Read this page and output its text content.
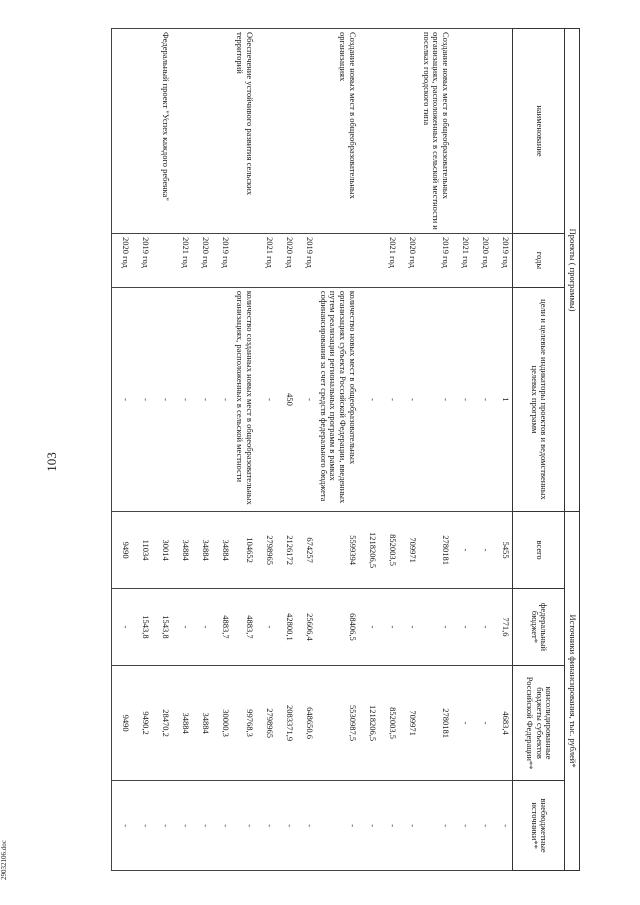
103
29032106.doc
Проекты ( программы)			Источники финансирования, тыс. рублей*			
наименование	годы	цели и целевые индикаторы проектов и ведомственных целевых программ	всего	федеральный бюджет*	консолидированные бюджеты субъектов Российской Федерации**	внебюджетные источники**
	2019 год	1	5455	771,6	4683,4	-
	2020 год	-	-	-	-	-
	2021 год	-	-	-	-	-
Создание новых мест в общеобразовательных организациях, расположенных в сельской местности и поселках городского типа	2019 год	-	2780181	-	2780181	-
	2020 год	-	709971	-	709971	-
	2021 год	-	852003,5	-	852003,5	-
		-	1218206,5	-	1218206,5	-
Создание новых мест в общеобразовательных организациях		количество новых мест в общеобразовательных организациях субъекта Российской Федерации, введенных путем реализации региональных программ в рамках софинансирования за счет средств федерального бюджета	5599394	68406,5	5530987,5	-
	2019 год	-	674257	25606,4	648650,6	-
	2020 год	450	2126172	42800,1	2083371,9	-
	2021 год	-	2798965	-	2798965	-
Обеспечение устойчивого развития сельских территорий		количество созданных новых мест в общеобразовательных организациях, расположенных в сельской местности	104652	4883,7	99768,3	-
	2019 год	-	34884	4883,7	30000,3	-
	2020 год	-	34884	-	34884	-
	2021 год	-	34884	-	34884	-
Федеральный проект "Успех каждого ребенка"		-	30014	1543,8	28470,2	-
	2019 год	-	11034	1543,8	9490,2	-
	2020 год	-	9490	-	9490	-
